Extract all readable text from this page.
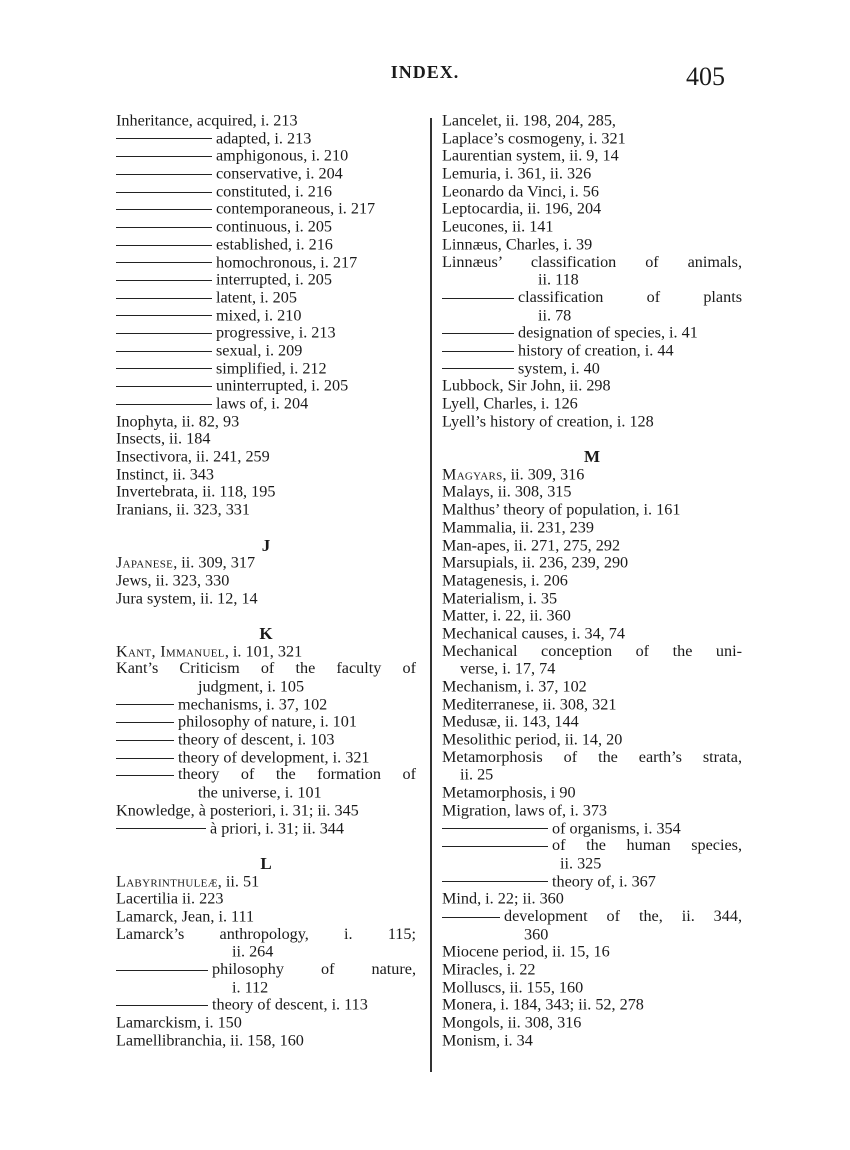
INDEX.	405
Inheritance, acquired, i. 213
adapted, i. 213
amphigonous, i. 210
conservative, i. 204
constituted, i. 216
contemporaneous, i. 217
continuous, i. 205
established, i. 216
homochronous, i. 217
interrupted, i. 205
latent, i. 205
mixed, i. 210
progressive, i. 213
sexual, i. 209
simplified, i. 212
uninterrupted, i. 205
laws of, i. 204
Inophyta, ii. 82, 93
Insects, ii. 184
Insectivora, ii. 241, 259
Instinct, ii. 343
Invertebrata, ii. 118, 195
Iranians, ii. 323, 331
J
Japanese, ii. 309, 317
Jews, ii. 323, 330
Jura system, ii. 12, 14
K
Kant, Immanuel, i. 101, 321
Kant’s Criticism of the faculty of
judgment, i. 105
mechanisms, i. 37, 102
philosophy of nature, i. 101
theory of descent, i. 103
theory of development, i. 321
theory of the formation of
the universe, i. 101
Knowledge, à posteriori, i. 31; ii. 345
à priori, i. 31; ii. 344
L
Labyrinthuleæ, ii. 51
Lacertilia ii. 223
Lamarck, Jean, i. 111
Lamarck’s anthropology, i. 115;
ii. 264
philosophy of nature,
i. 112
theory of descent, i. 113
Lamarckism, i. 150
Lamellibranchia, ii. 158, 160
Lancelet, ii. 198, 204, 285,
Laplace’s cosmogeny, i. 321
Laurentian system, ii. 9, 14
Lemuria, i. 361, ii. 326
Leonardo da Vinci, i. 56
Leptocardia, ii. 196, 204
Leucones, ii. 141
Linnæus, Charles, i. 39
Linnæus’ classification of animals,
ii. 118
classification of plants
ii. 78
designation of species, i. 41
history of creation, i. 44
system, i. 40
Lubbock, Sir John, ii. 298
Lyell, Charles, i. 126
Lyell’s history of creation, i. 128
M
Magyars, ii. 309, 316
Malays, ii. 308, 315
Malthus’ theory of population, i. 161
Mammalia, ii. 231, 239
Man-apes, ii. 271, 275, 292
Marsupials, ii. 236, 239, 290
Matagenesis, i. 206
Materialism, i. 35
Matter, i. 22, ii. 360
Mechanical causes, i. 34, 74
Mechanical conception of the uni-
verse, i. 17, 74
Mechanism, i. 37, 102
Mediterranese, ii. 308, 321
Medusæ, ii. 143, 144
Mesolithic period, ii. 14, 20
Metamorphosis of the earth’s strata,
ii. 25
Metamorphosis, i 90
Migration, laws of, i. 373
of organisms, i. 354
of the human species,
ii. 325
theory of, i. 367
Mind, i. 22; ii. 360
development of the, ii. 344,
360
Miocene period, ii. 15, 16
Miracles, i. 22
Molluscs, ii. 155, 160
Monera, i. 184, 343; ii. 52, 278
Mongols, ii. 308, 316
Monism, i. 34
